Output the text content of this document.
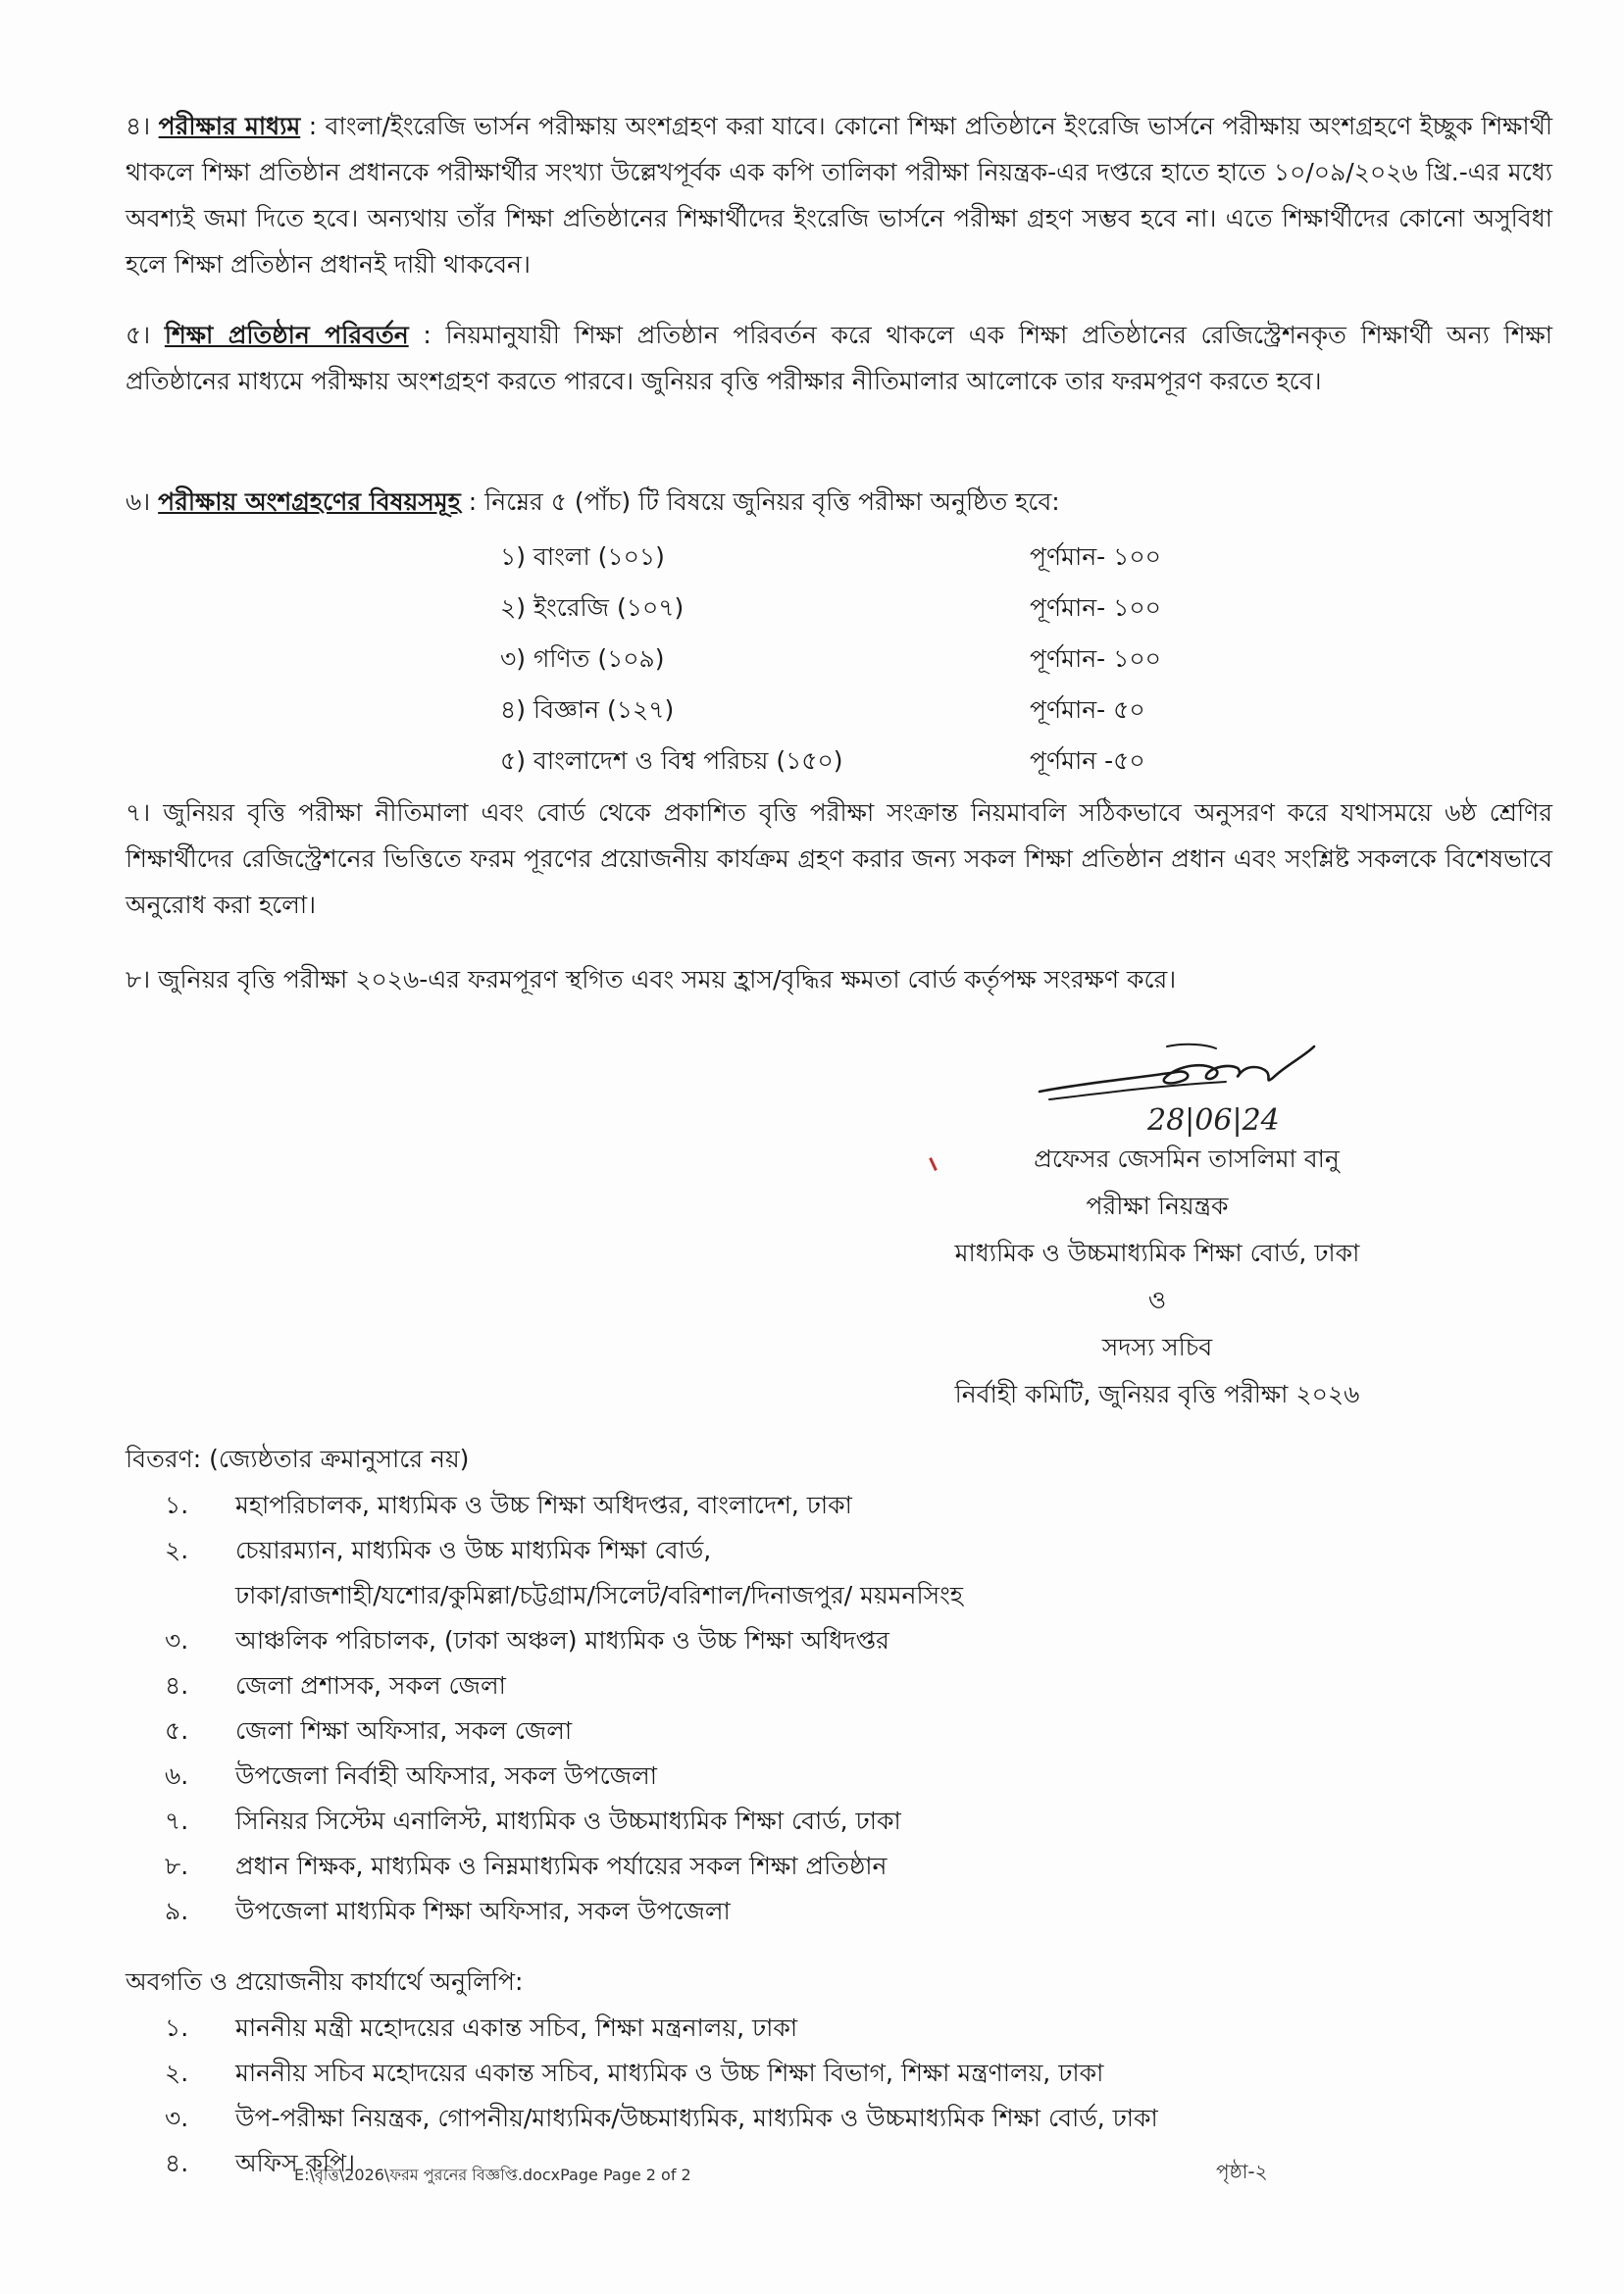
৪। পরীক্ষার মাধ্যম : বাংলা/ইংরেজি ভার্সন পরীক্ষায় অংশগ্রহণ করা যাবে। কোনো শিক্ষা প্রতিষ্ঠানে ইংরেজি ভার্সনে পরীক্ষায় অংশগ্রহণে ইচ্ছুক শিক্ষার্থী থাকলে শিক্ষা প্রতিষ্ঠান প্রধানকে পরীক্ষার্থীর সংখ্যা উল্লেখপূর্বক এক কপি তালিকা পরীক্ষা নিয়ন্ত্রক-এর দপ্তরে হাতে হাতে ১০/০৯/২০২৬ খ্রি.-এর মধ্যে অবশ্যই জমা দিতে হবে। অন্যথায় তাঁর শিক্ষা প্রতিষ্ঠানের শিক্ষার্থীদের ইংরেজি ভার্সনে পরীক্ষা গ্রহণ সম্ভব হবে না। এতে শিক্ষার্থীদের কোনো অসুবিধা হলে শিক্ষা প্রতিষ্ঠান প্রধানই দায়ী থাকবেন।
৫। শিক্ষা প্রতিষ্ঠান পরিবর্তন : নিয়মানুযায়ী শিক্ষা প্রতিষ্ঠান পরিবর্তন করে থাকলে এক শিক্ষা প্রতিষ্ঠানের রেজিস্ট্রেশনকৃত শিক্ষার্থী অন্য শিক্ষা প্রতিষ্ঠানের মাধ্যমে পরীক্ষায় অংশগ্রহণ করতে পারবে। জুনিয়র বৃত্তি পরীক্ষার নীতিমালার আলোকে তার ফরমপূরণ করতে হবে।
৬। পরীক্ষায় অংশগ্রহণের বিষয়সমূহ : নিম্নের ৫ (পাঁচ) টি বিষয়ে জুনিয়র বৃত্তি পরীক্ষা অনুষ্ঠিত হবে:
১) বাংলা (১০১)	পূর্ণমান- ১০০
২) ইংরেজি (১০৭)	পূর্ণমান- ১০০
৩) গণিত (১০৯)	পূর্ণমান- ১০০
৪) বিজ্ঞান (১২৭)	পূর্ণমান- ৫০
৫) বাংলাদেশ ও বিশ্ব পরিচয় (১৫০)	পূর্ণমান -৫০
৭। জুনিয়র বৃত্তি পরীক্ষা নীতিমালা এবং বোর্ড থেকে প্রকাশিত বৃত্তি পরীক্ষা সংক্রান্ত নিয়মাবলি সঠিকভাবে অনুসরণ করে যথাসময়ে ৬ষ্ঠ শ্রেণির শিক্ষার্থীদের রেজিস্ট্রেশনের ভিত্তিতে ফরম পূরণের প্রয়োজনীয় কার্যক্রম গ্রহণ করার জন্য সকল শিক্ষা প্রতিষ্ঠান প্রধান এবং সংশ্লিষ্ট সকলকে বিশেষভাবে অনুরোধ করা হলো।
৮। জুনিয়র বৃত্তি পরীক্ষা ২০২৬-এর ফরমপূরণ স্থগিত এবং সময় হ্রাস/বৃদ্ধির ক্ষমতা বোর্ড কর্তৃপক্ষ সংরক্ষণ করে।
28|06|24
প্রফেসর জেসমিন তাসলিমা বানু
পরীক্ষা নিয়ন্ত্রক
মাধ্যমিক ও উচ্চমাধ্যমিক শিক্ষা বোর্ড, ঢাকা
ও
সদস্য সচিব
নির্বাহী কমিটি, জুনিয়র বৃত্তি পরীক্ষা ২০২৬
বিতরণ: (জ্যেষ্ঠতার ক্রমানুসারে নয়)
১.	মহাপরিচালক, মাধ্যমিক ও উচ্চ শিক্ষা অধিদপ্তর, বাংলাদেশ, ঢাকা
২.	চেয়ারম্যান, মাধ্যমিক ও উচ্চ মাধ্যমিক শিক্ষা বোর্ড,
ঢাকা/রাজশাহী/যশোর/কুমিল্লা/চট্টগ্রাম/সিলেট/বরিশাল/দিনাজপুর/ ময়মনসিংহ
৩.	আঞ্চলিক পরিচালক, (ঢাকা অঞ্চল) মাধ্যমিক ও উচ্চ শিক্ষা অধিদপ্তর
৪.	জেলা প্রশাসক, সকল জেলা
৫.	জেলা শিক্ষা অফিসার, সকল জেলা
৬.	উপজেলা নির্বাহী অফিসার, সকল উপজেলা
৭.	সিনিয়র সিস্টেম এনালিস্ট, মাধ্যমিক ও উচ্চমাধ্যমিক শিক্ষা বোর্ড, ঢাকা
৮.	প্রধান শিক্ষক, মাধ্যমিক ও নিম্নমাধ্যমিক পর্যায়ের সকল শিক্ষা প্রতিষ্ঠান
৯.	উপজেলা মাধ্যমিক শিক্ষা অফিসার, সকল উপজেলা
অবগতি ও প্রয়োজনীয় কার্যার্থে অনুলিপি:
১.	মাননীয় মন্ত্রী মহোদয়ের একান্ত সচিব, শিক্ষা মন্ত্রনালয়, ঢাকা
২.	মাননীয় সচিব মহোদয়ের একান্ত সচিব, মাধ্যমিক ও উচ্চ শিক্ষা বিভাগ, শিক্ষা মন্ত্রণালয়, ঢাকা
৩.	উপ-পরীক্ষা নিয়ন্ত্রক, গোপনীয়/মাধ্যমিক/উচ্চমাধ্যমিক, মাধ্যমিক ও উচ্চমাধ্যমিক শিক্ষা বোর্ড, ঢাকা
৪.	অফিস কপি।
E:\বৃত্তি\2026\ফরম পুরনের বিজ্ঞপ্তি.docxPage Page 2 of 2	পৃষ্ঠা-২
